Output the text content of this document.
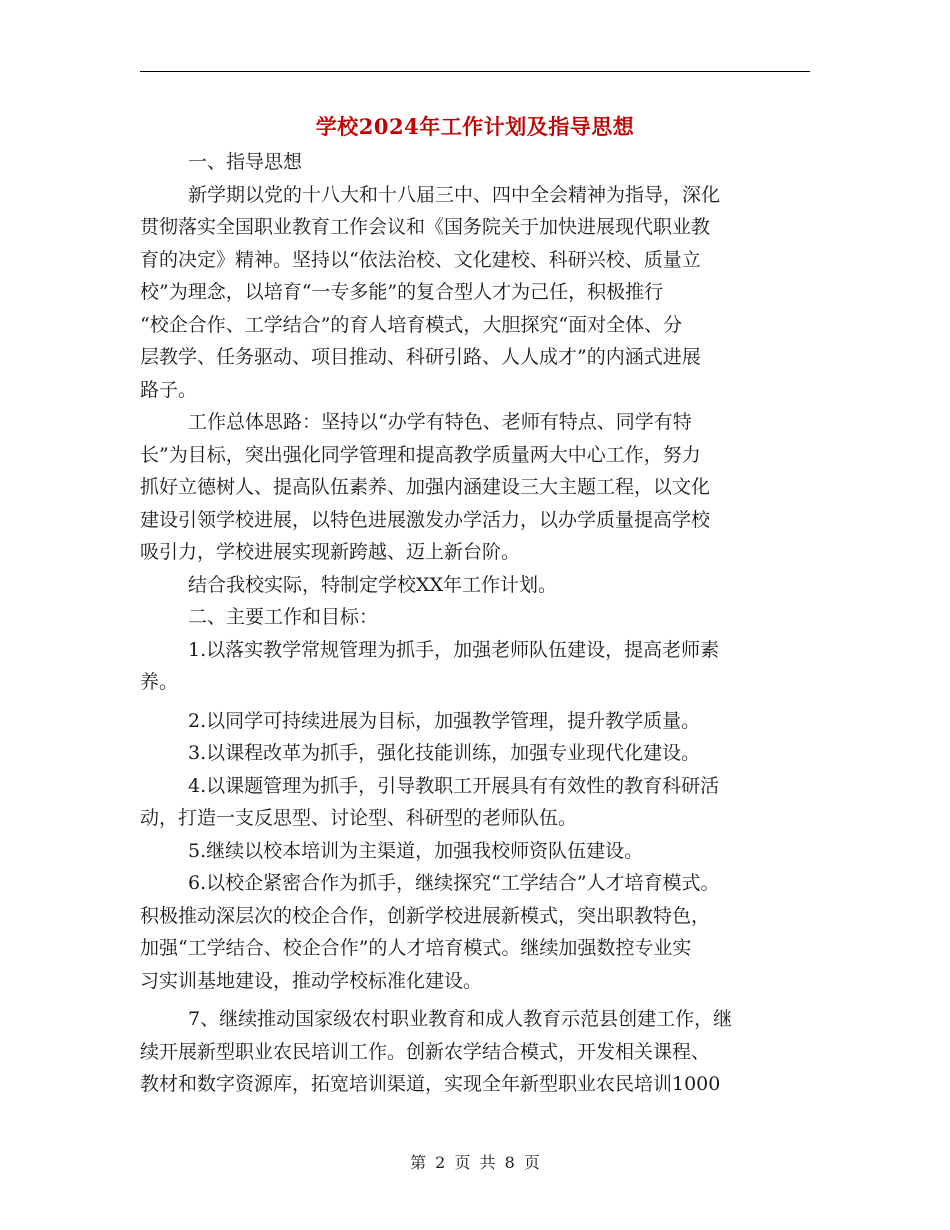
学校2024年工作计划及指导思想

一、指导思想

新学期以党的十八大和十八届三中、四中全会精神为指导，深化

贯彻落实全国职业教育工作会议和《国务院关于加快进展现代职业教

育的决定》精神。坚持以“依法治校、文化建校、科研兴校、质量立

校”为理念，以培育“一专多能”的复合型人才为己任，积极推行

“校企合作、工学结合”的育人培育模式，大胆探究“面对全体、分

层教学、任务驱动、项目推动、科研引路、人人成才”的内涵式进展

路子。

工作总体思路：坚持以“办学有特色、老师有特点、同学有特

长”为目标，突出强化同学管理和提高教学质量两大中心工作，努力

抓好立德树人、提高队伍素养、加强内涵建设三大主题工程，以文化

建设引领学校进展，以特色进展激发办学活力，以办学质量提高学校

吸引力，学校进展实现新跨越、迈上新台阶。

结合我校实际，特制定学校XX年工作计划。

二、主要工作和目标：

1.以落实教学常规管理为抓手，加强老师队伍建设，提高老师素

养。

2.以同学可持续进展为目标，加强教学管理，提升教学质量。

3.以课程改革为抓手，强化技能训练，加强专业现代化建设。

4.以课题管理为抓手，引导教职工开展具有有效性的教育科研活

动，打造一支反思型、讨论型、科研型的老师队伍。

5.继续以校本培训为主渠道，加强我校师资队伍建设。

6.以校企紧密合作为抓手，继续探究“工学结合”人才培育模式。

积极推动深层次的校企合作，创新学校进展新模式，突出职教特色，

加强“工学结合、校企合作”的人才培育模式。继续加强数控专业实

习实训基地建设，推动学校标准化建设。

7、继续推动国家级农村职业教育和成人教育示范县创建工作，继

续开展新型职业农民培训工作。创新农学结合模式，开发相关课程、

教材和数字资源库，拓宽培训渠道，实现全年新型职业农民培训1000

第 2 页 共 8 页
